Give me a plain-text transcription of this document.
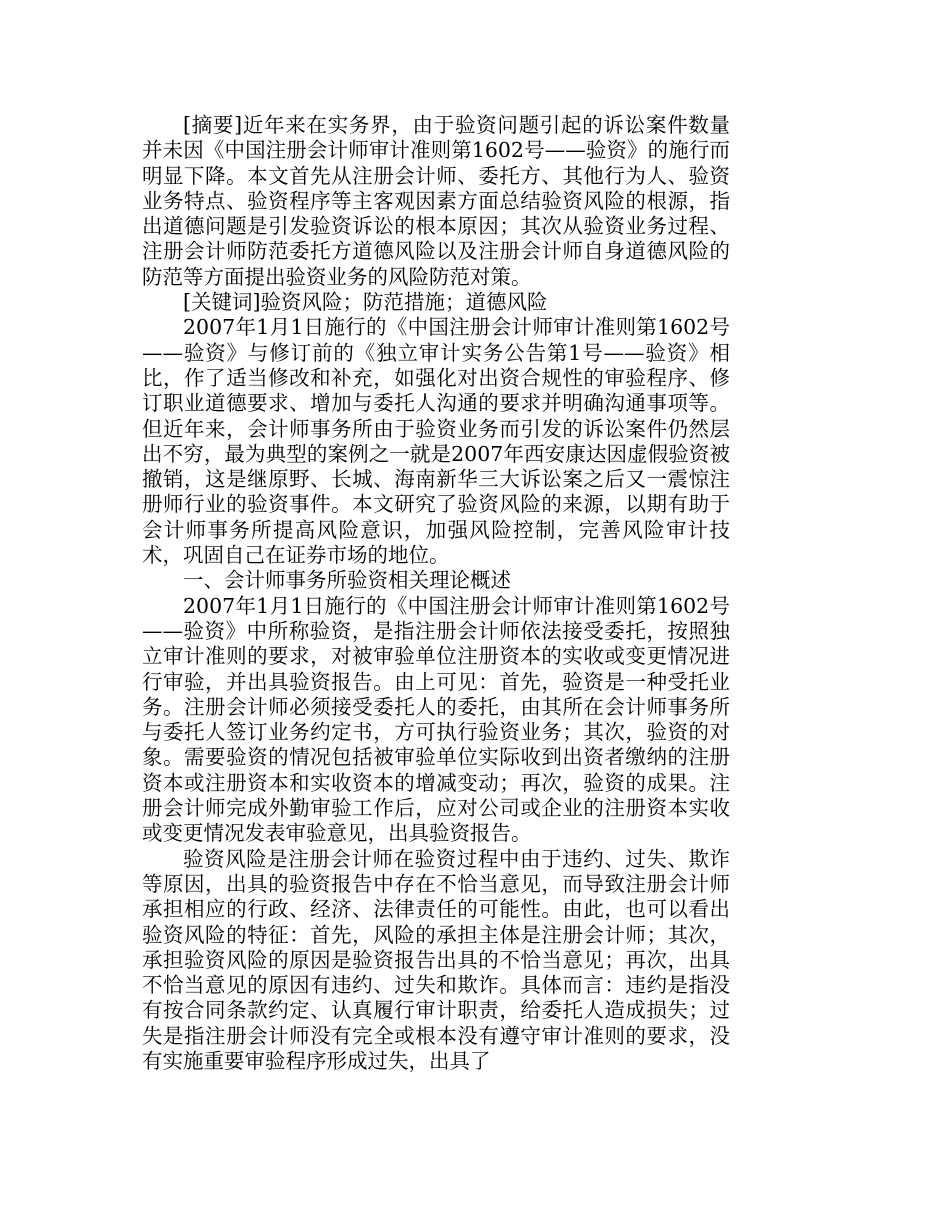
[摘要]近年来在实务界，由于验资问题引起的诉讼案件数量并未因《中国注册会计师审计准则第1602号——验资》的施行而明显下降。本文首先从注册会计师、委托方、其他行为人、验资业务特点、验资程序等主客观因素方面总结验资风险的根源，指出道德问题是引发验资诉讼的根本原因；其次从验资业务过程、注册会计师防范委托方道德风险以及注册会计师自身道德风险的防范等方面提出验资业务的风险防范对策。

[关键词]验资风险；防范措施；道德风险

2007年1月1日施行的《中国注册会计师审计准则第1602号——验资》与修订前的《独立审计实务公告第1号——验资》相比，作了适当修改和补充，如强化对出资合规性的审验程序、修订职业道德要求、增加与委托人沟通的要求并明确沟通事项等。但近年来，会计师事务所由于验资业务而引发的诉讼案件仍然层出不穷，最为典型的案例之一就是2007年西安康达因虚假验资被撤销，这是继原野、长城、海南新华三大诉讼案之后又一震惊注册师行业的验资事件。本文研究了验资风险的来源，以期有助于会计师事务所提高风险意识，加强风险控制，完善风险审计技术，巩固自己在证券市场的地位。

一、会计师事务所验资相关理论概述

2007年1月1日施行的《中国注册会计师审计准则第1602号——验资》中所称验资，是指注册会计师依法接受委托，按照独立审计准则的要求，对被审验单位注册资本的实收或变更情况进行审验，并出具验资报告。由上可见：首先，验资是一种受托业务。注册会计师必须接受委托人的委托，由其所在会计师事务所与委托人签订业务约定书，方可执行验资业务；其次，验资的对象。需要验资的情况包括被审验单位实际收到出资者缴纳的注册资本或注册资本和实收资本的增减变动；再次，验资的成果。注册会计师完成外勤审验工作后，应对公司或企业的注册资本实收或变更情况发表审验意见，出具验资报告。

验资风险是注册会计师在验资过程中由于违约、过失、欺诈等原因，出具的验资报告中存在不恰当意见，而导致注册会计师承担相应的行政、经济、法律责任的可能性。由此，也可以看出验资风险的特征：首先，风险的承担主体是注册会计师；其次，承担验资风险的原因是验资报告出具的不恰当意见；再次，出具不恰当意见的原因有违约、过失和欺诈。具体而言：违约是指没有按合同条款约定、认真履行审计职责，给委托人造成损失；过失是指注册会计师没有完全或根本没有遵守审计准则的要求，没有实施重要审验程序形成过失，出具了
